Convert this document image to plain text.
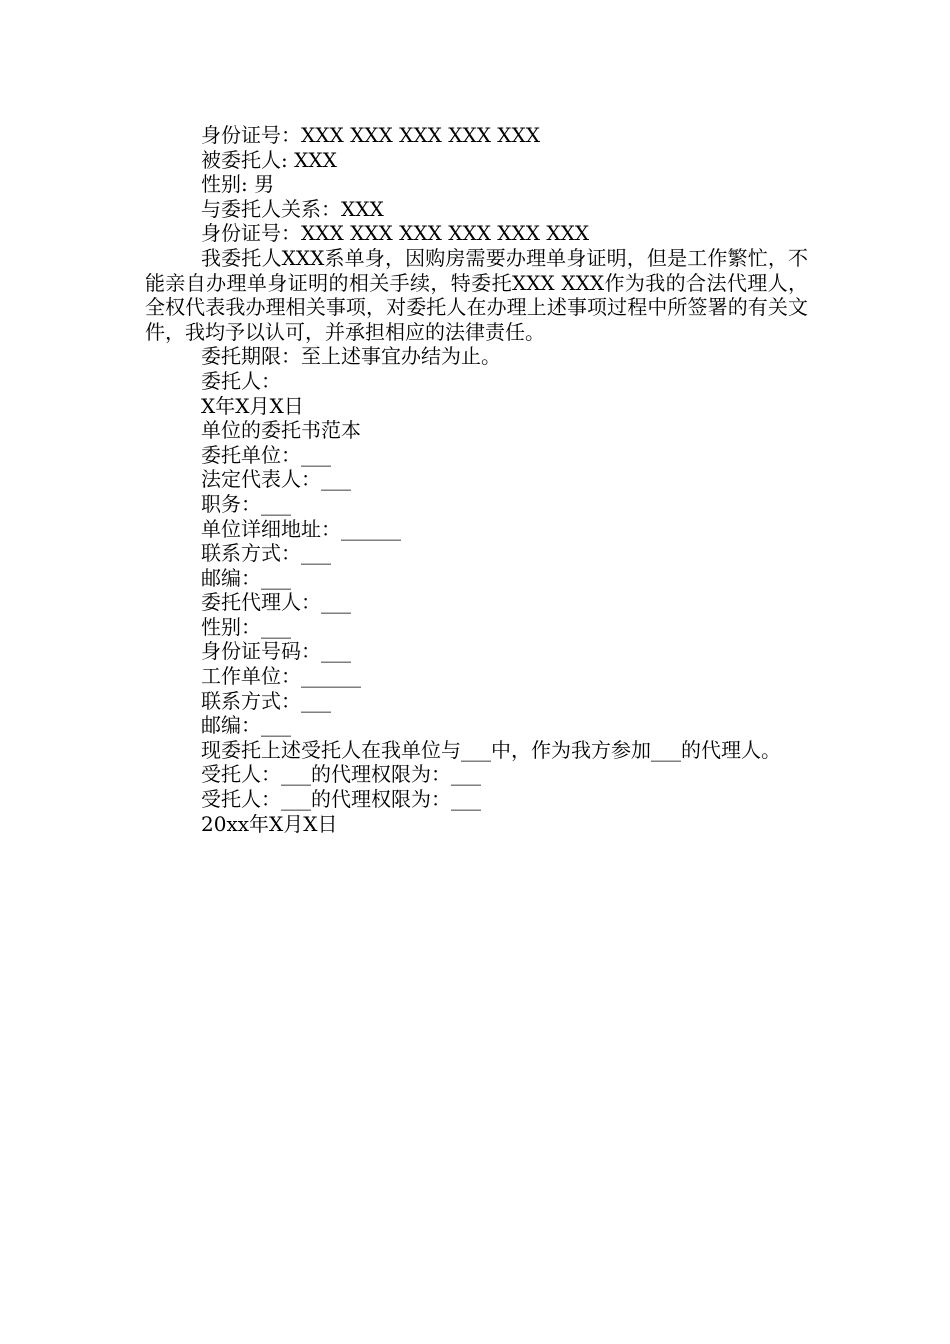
身份证号：XXX XXX XXX XXX XXX

被委托人: XXX

性别: 男

与委托人关系：XXX

身份证号：XXX XXX XXX XXX XXX XXX

我委托人XXX系单身，因购房需要办理单身证明，但是工作繁忙，不能亲自办理单身证明的相关手续，特委托XXX XXX作为我的合法代理人，全权代表我办理相关事项，对委托人在办理上述事项过程中所签署的有关文件，我均予以认可，并承担相应的法律责任。

委托期限：至上述事宜办结为止。

委托人：

X年X月X日

单位的委托书范本

委托单位：___

法定代表人：___

职务：___

单位详细地址：______

联系方式：___

邮编：___

委托代理人：___

性别：___

身份证号码：___

工作单位：______

联系方式：___

邮编：___

现委托上述受托人在我单位与___中，作为我方参加___的代理人。

受托人：___的代理权限为：___

受托人：___的代理权限为：___

20xx年X月X日
